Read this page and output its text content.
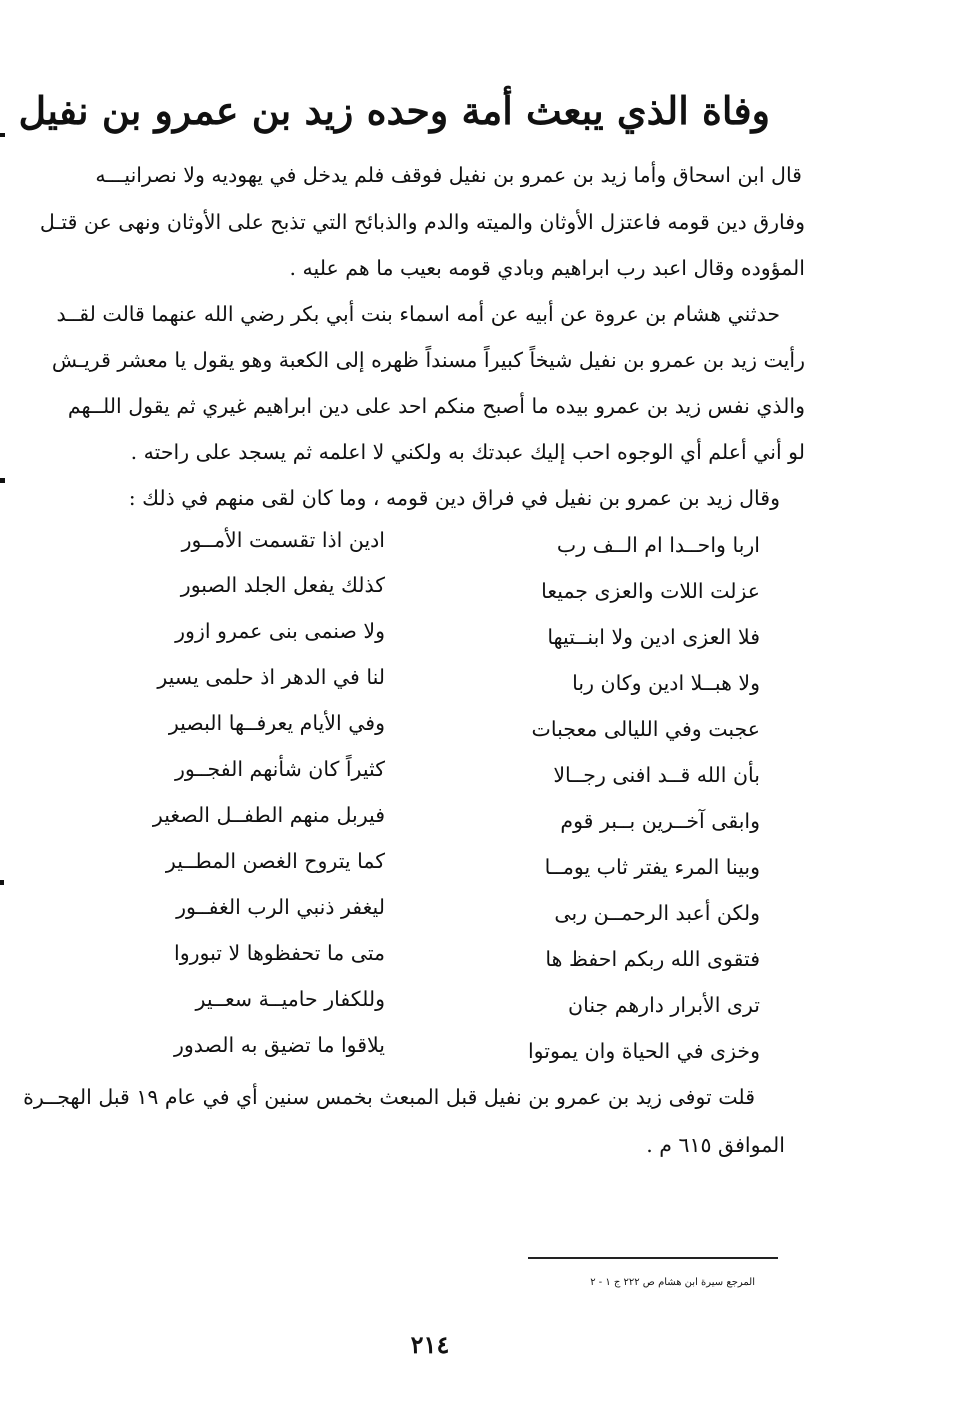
وفاة الذي يبعث أمة وحده زيد بن عمرو بن نفيل
قال ابن اسحاق وأما زيد بن عمرو بن نفيل فوقف فلم يدخل في يهوديه ولا نصرانيـــه
وفارق دين قومه فاعتزل الأوثان والميته والدم والذبائح التي تذبح على الأوثان ونهى عن قتـل
المؤوده وقال اعبد رب ابراهيم وبادي قومه بعيب ما هم عليه .
حدثني هشام بن عروة عن أبيه عن أمه اسماء بنت أبي بكر رضي الله عنهما قالت لقــد
رأيت زيد بن عمرو بن نفيل شيخاً كبيراً مسنداً ظهره إلى الكعبة وهو يقول يا معشر قريـش
والذي نفس زيد بن عمرو بيده ما أصبح منكم احد على دين ابراهيم غيري ثم يقول اللــهم
لو أني أعلم أي الوجوه احب إليك عبدتك به ولكني لا اعلمه ثم يسجد على راحته .
وقال زيد بن عمرو بن نفيل في فراق دين قومه ، وما كان لقى منهم في ذلك :
اربا واحــدا ام الــف رب
ادين اذا تقسمت الأمــور
عزلت اللات والعزى جميعا
كذلك يفعل الجلد الصبور
فلا العزى ادين ولا ابنــتيها
ولا صنمى بنى عمرو ازور
ولا هبــلا ادين وكان ربا
لنا في الدهر اذ حلمى يسير
عجبت وفي الليالى معجبات
وفي الأيام يعرفــها البصير
بأن الله قــد افنى رجــالا
كثيراً كان شأنهم الفجــور
وابقى آخــرين بــبر قوم
فيربل منهم الطفــل الصغير
وبينا المرء يفتر ثاب يومــا
كما يتروح الغصن المطــير
ولكن أعبد الرحمــن ربى
ليغفر ذنبي الرب الغفــور
فتقوى الله ربكم احفظ ها
متى ما تحفظوها لا تبوروا
ترى الأبرار دارهم جنان
وللكفار حاميــة سعــير
وخزى في الحياة وان يموتوا
يلاقوا ما تضيق به الصدور
قلت توفى زيد بن عمرو بن نفيل قبل المبعث بخمس سنين أي في عام ١٩ قبل الهجــرة
الموافق ٦١٥ م .
المرجع سيرة ابن هشام ص ٢٢٢ ج ١ - ٢
٢١٤
